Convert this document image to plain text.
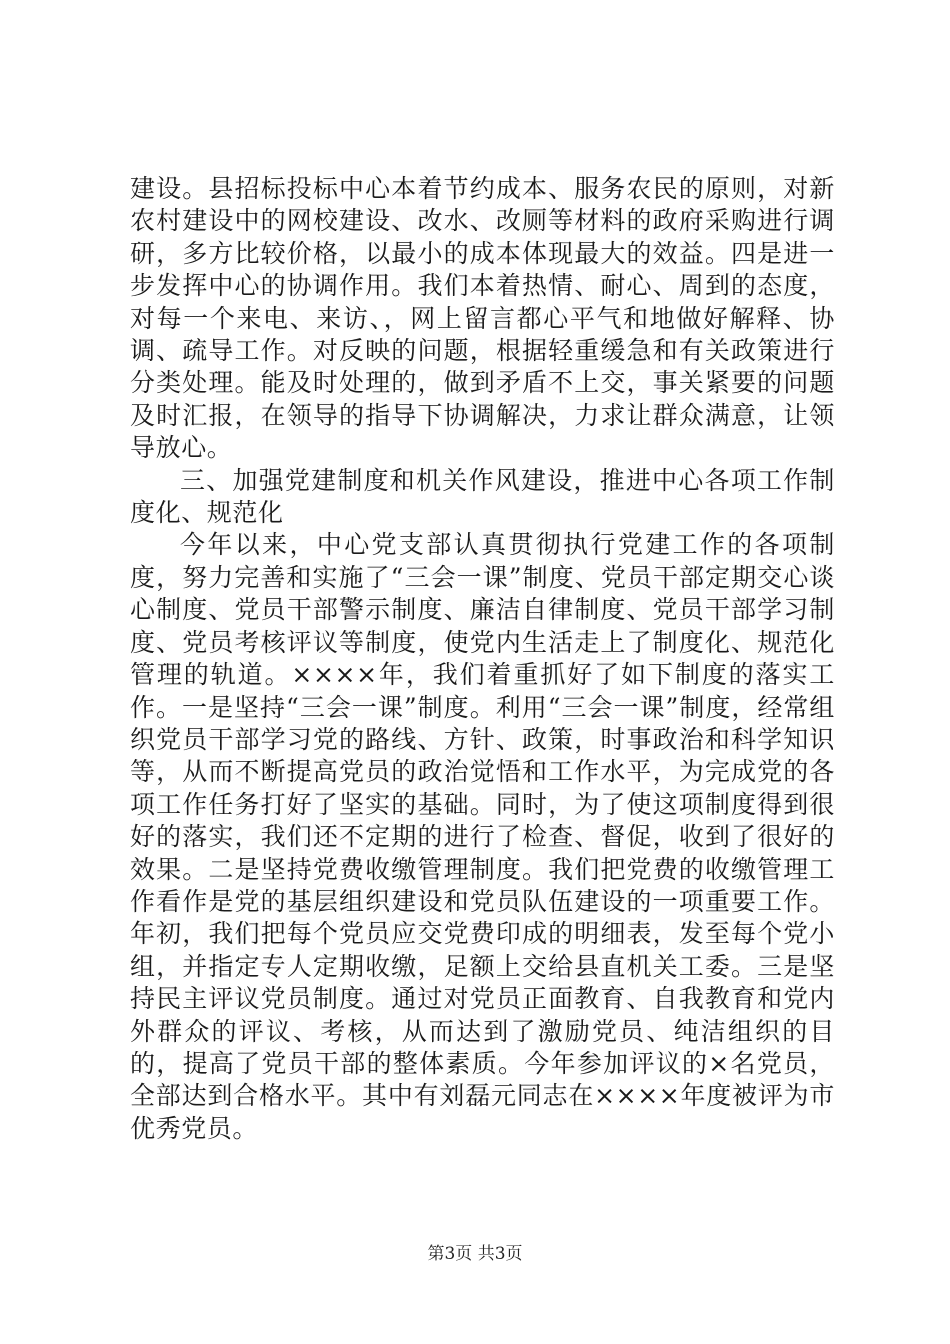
建设。县招标投标中心本着节约成本、服务农民的原则，对新农村建设中的网校建设、改水、改厕等材料的政府采购进行调研，多方比较价格，以最小的成本体现最大的效益。四是进一步发挥中心的协调作用。我们本着热情、耐心、周到的态度，对每一个来电、来访、，网上留言都心平气和地做好解释、协调、疏导工作。对反映的问题，根据轻重缓急和有关政策进行分类处理。能及时处理的，做到矛盾不上交，事关紧要的问题及时汇报，在领导的指导下协调解决，力求让群众满意，让领导放心。

三、加强党建制度和机关作风建设，推进中心各项工作制度化、规范化

今年以来，中心党支部认真贯彻执行党建工作的各项制度，努力完善和实施了“三会一课”制度、党员干部定期交心谈心制度、党员干部警示制度、廉洁自律制度、党员干部学习制度、党员考核评议等制度，使党内生活走上了制度化、规范化管理的轨道。××××年，我们着重抓好了如下制度的落实工作。一是坚持“三会一课”制度。利用“三会一课”制度，经常组织党员干部学习党的路线、方针、政策，时事政治和科学知识等，从而不断提高党员的政治觉悟和工作水平，为完成党的各项工作任务打好了坚实的基础。同时，为了使这项制度得到很好的落实，我们还不定期的进行了检查、督促，收到了很好的效果。二是坚持党费收缴管理制度。我们把党费的收缴管理工作看作是党的基层组织建设和党员队伍建设的一项重要工作。年初，我们把每个党员应交党费印成的明细表，发至每个党小组，并指定专人定期收缴，足额上交给县直机关工委。三是坚持民主评议党员制度。通过对党员正面教育、自我教育和党内外群众的评议、考核，从而达到了激励党员、纯洁组织的目的，提高了党员干部的整体素质。今年参加评议的×名党员，全部达到合格水平。其中有刘磊元同志在××××年度被评为市优秀党员。

第3页 共3页
